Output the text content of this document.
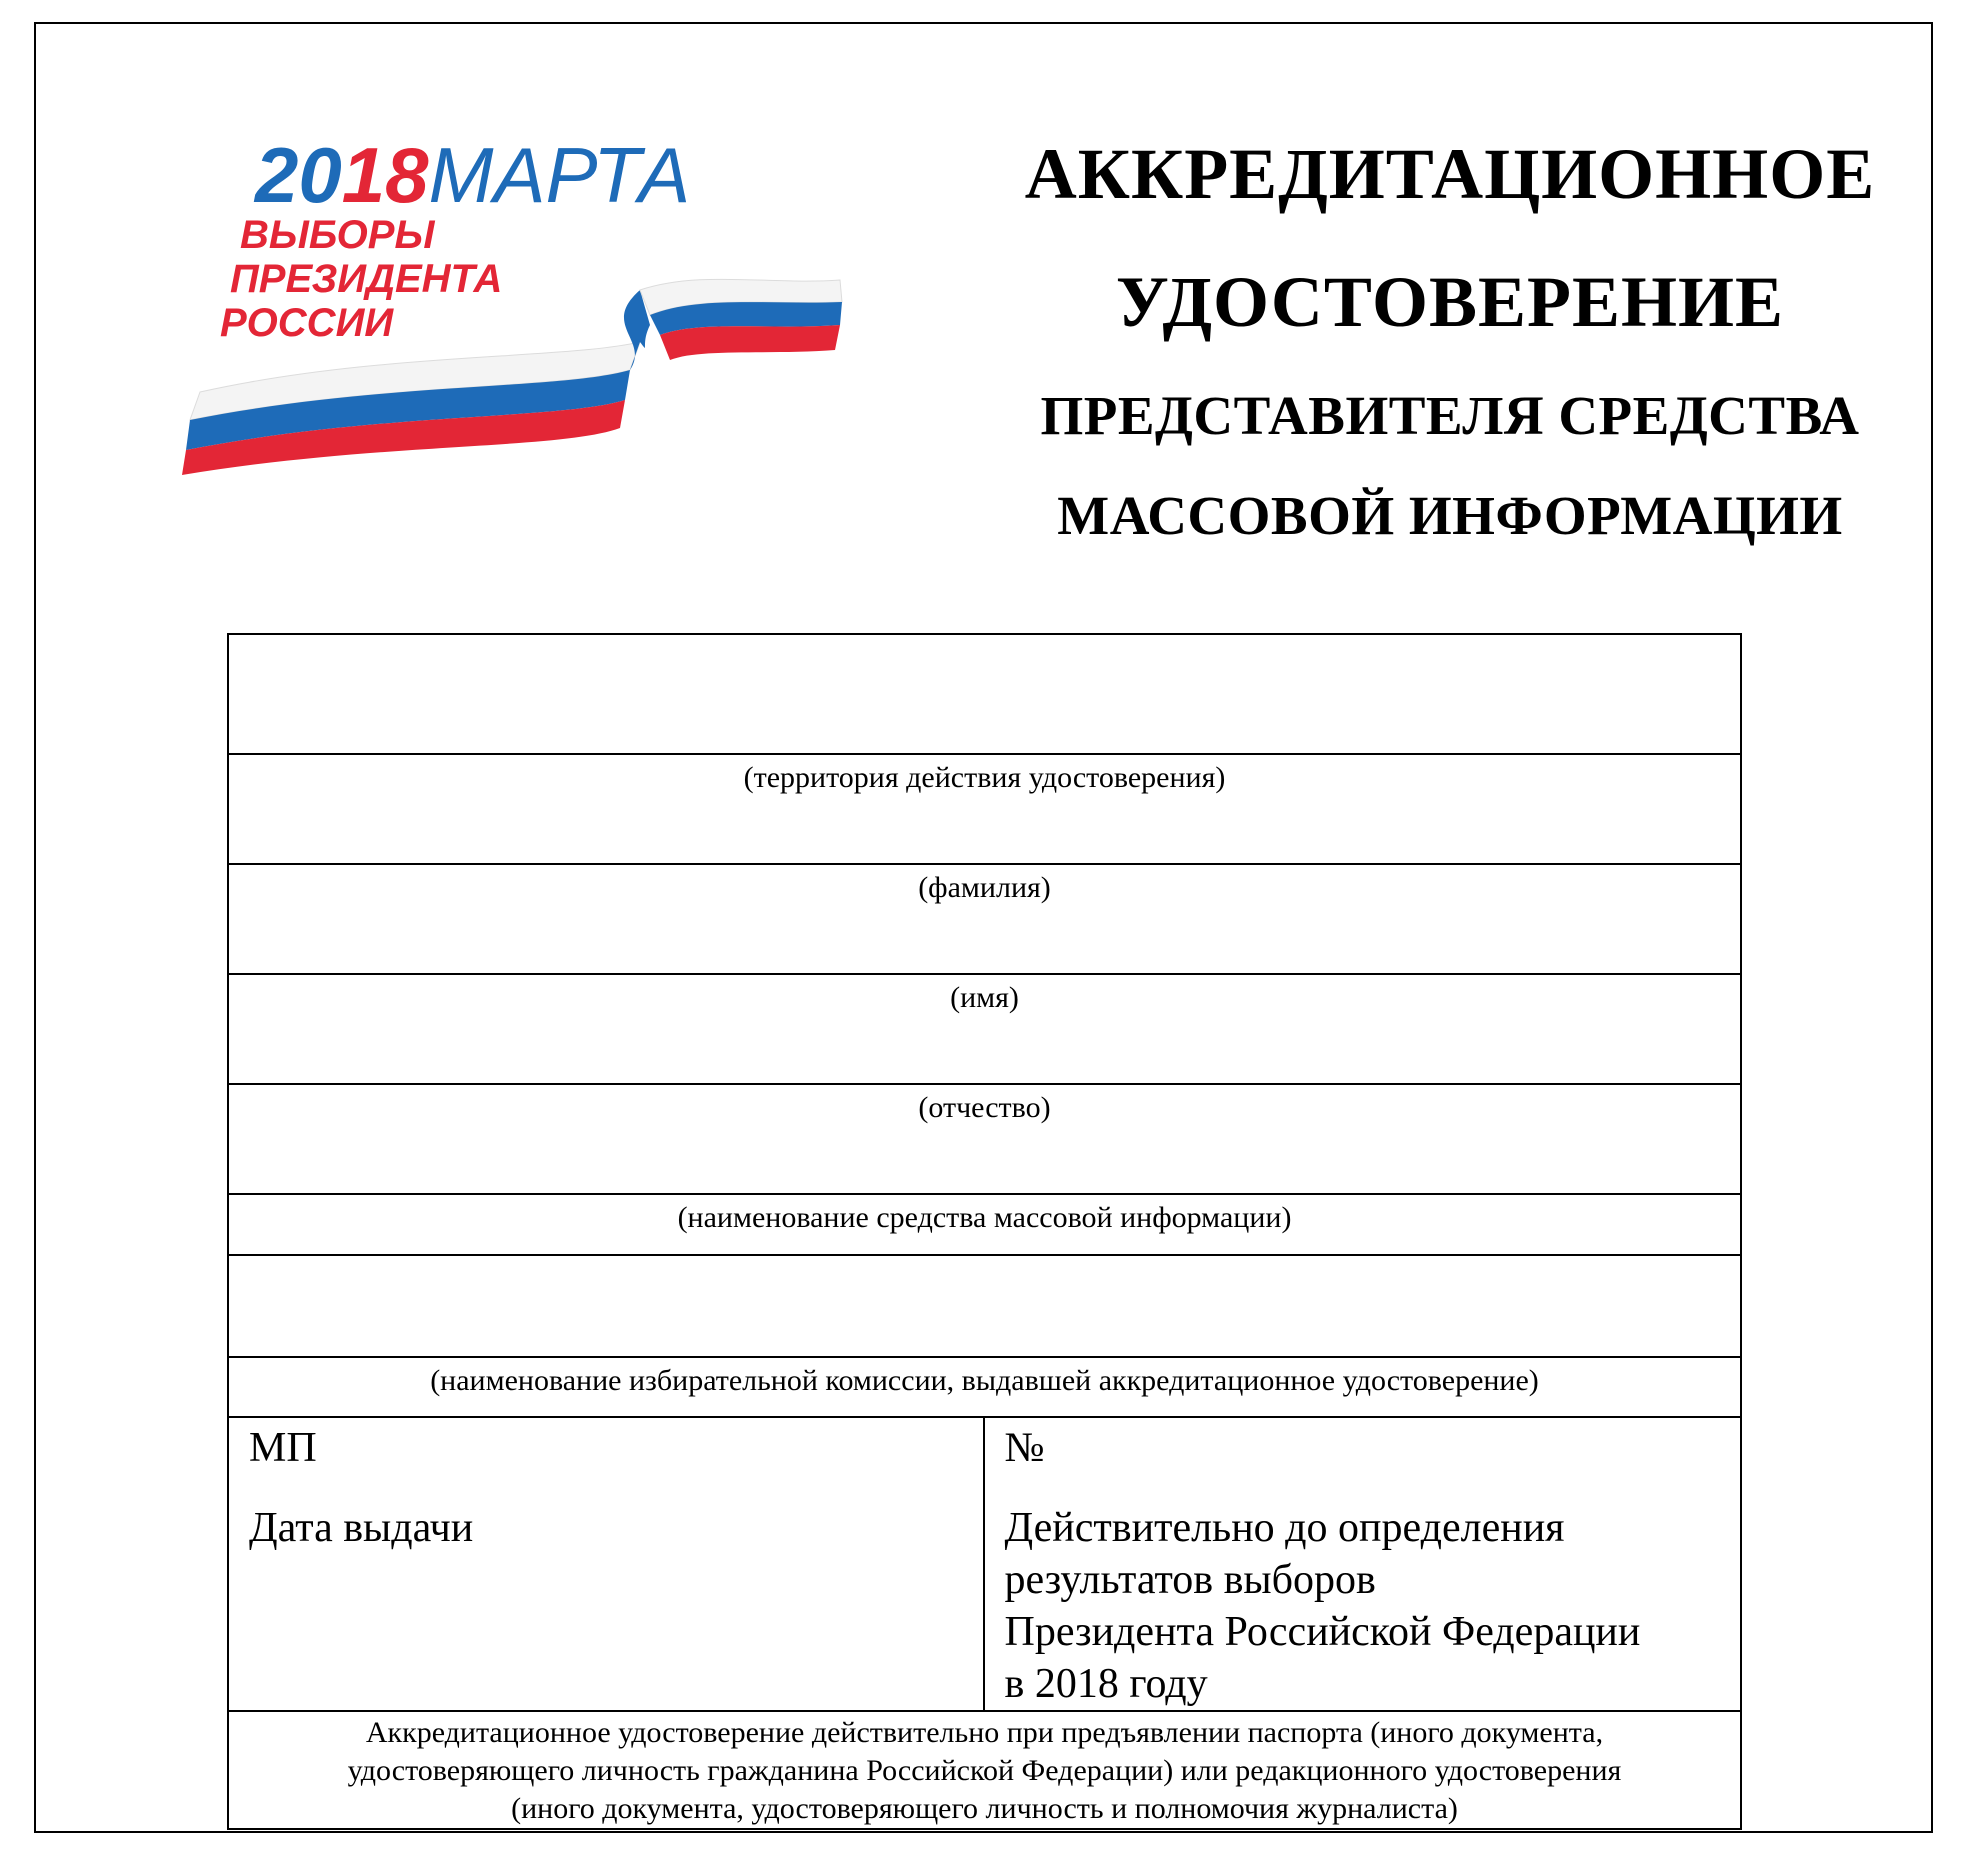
2018МАРТА
ВЫБОРЫ
ПРЕЗИДЕНТА
РОССИИ
АККРЕДИТАЦИОННОЕ
УДОСТОВЕРЕНИЕ
ПРЕДСТАВИТЕЛЯ СРЕДСТВА
МАССОВОЙ ИНФОРМАЦИИ
(территория действия удостоверения)
(фамилия)
(имя)
(отчество)
(наименование средства массовой информации)
(наименование избирательной комиссии, выдавшей аккредитационное удостоверение)
МП
Дата выдачи
№
Действительно до определения
результатов выборов
Президента Российской Федерации
в 2018 году
Аккредитационное удостоверение действительно при предъявлении паспорта (иного документа,
удостоверяющего личность гражданина Российской Федерации) или редакционного удостоверения
(иного документа, удостоверяющего личность и полномочия журналиста)
